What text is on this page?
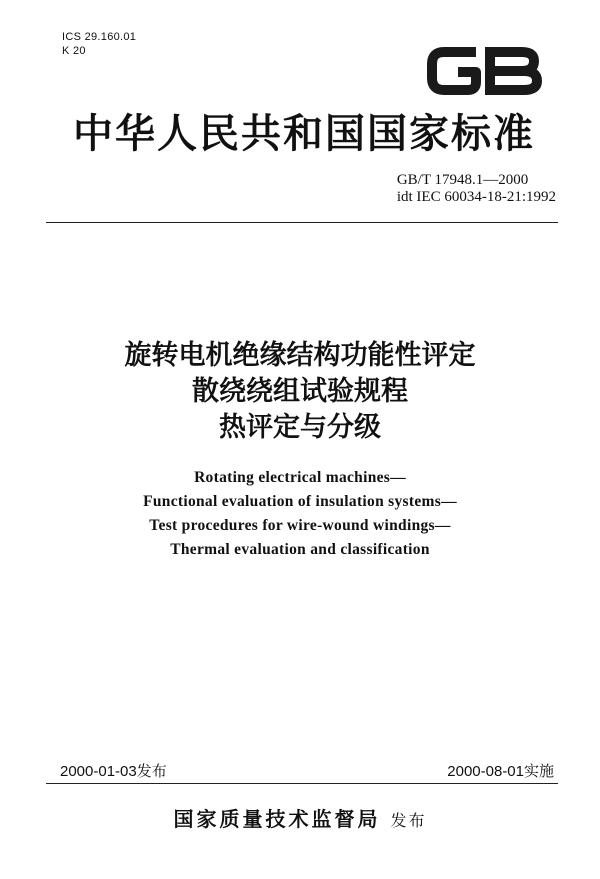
ICS 29.160.01
K 20
GB
中华人民共和国国家标准
GB/T 17948.1—2000
idt IEC 60034-18-21:1992
旋转电机绝缘结构功能性评定
散绕绕组试验规程
热评定与分级
Rotating electrical machines—
Functional evaluation of insulation systems—
Test procedures for wire-wound windings—
Thermal evaluation and classification
2000-01-03发布	2000-08-01实施
国家质量技术监督局 发布
